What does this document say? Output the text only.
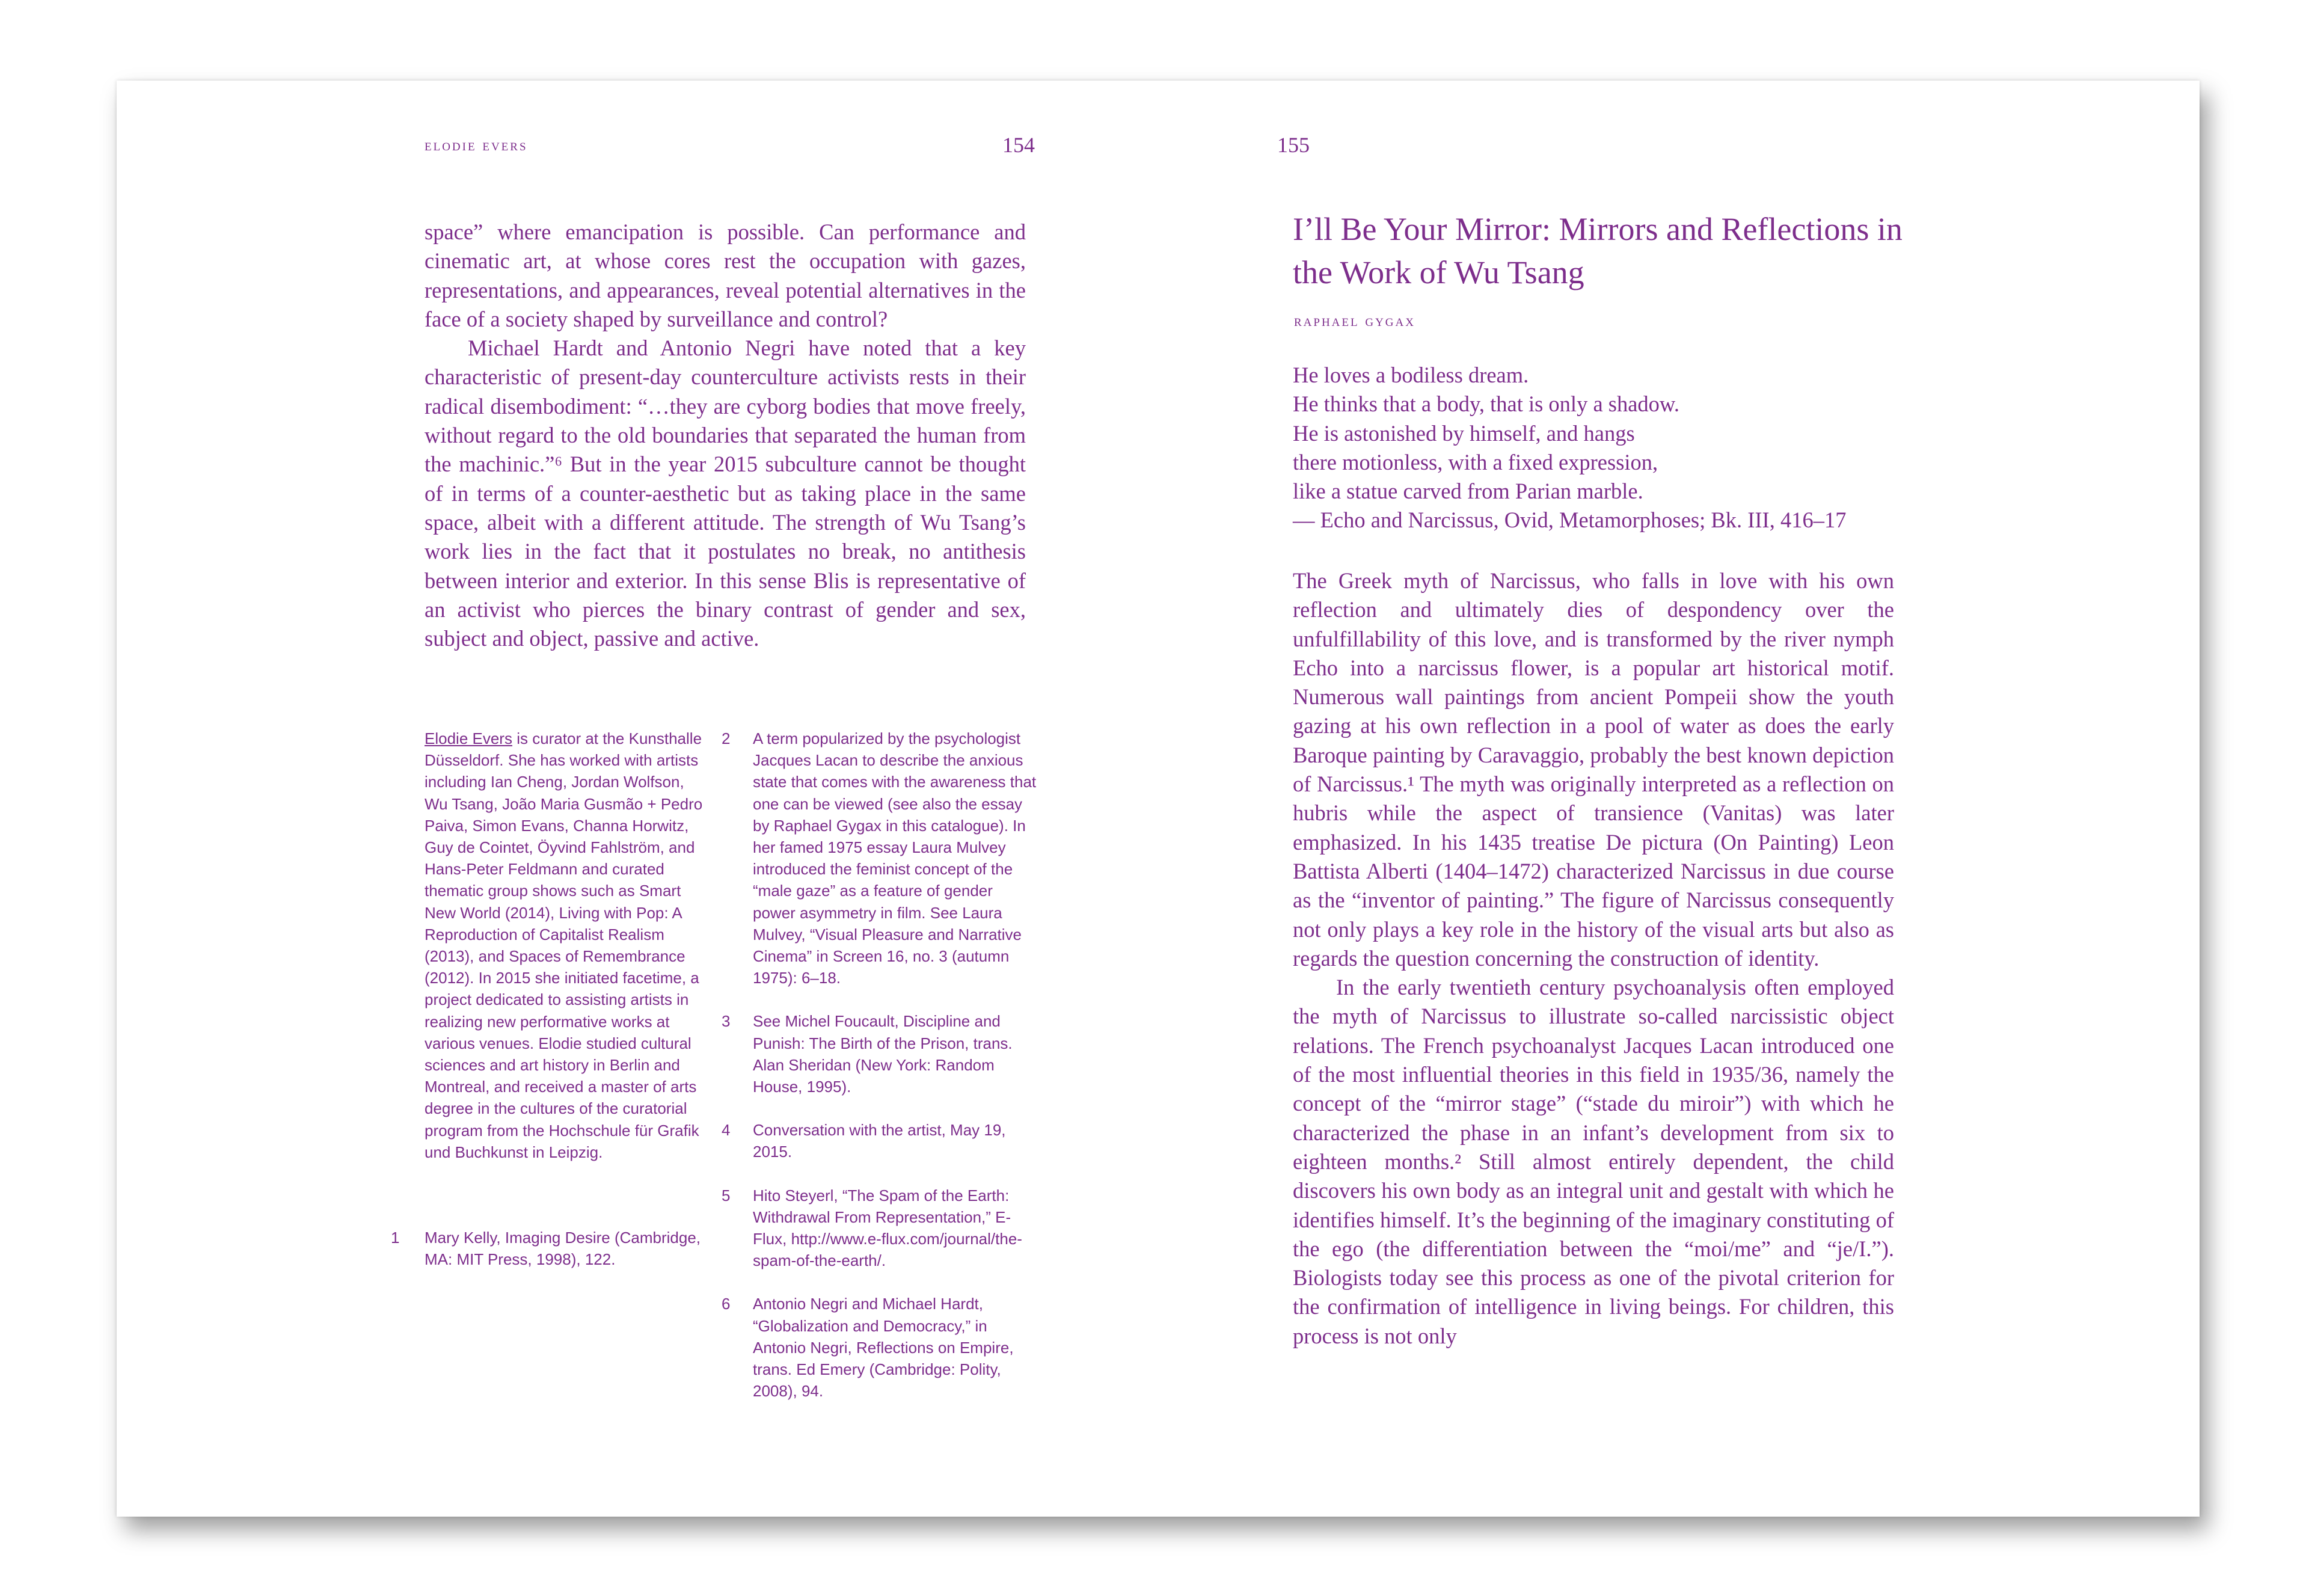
elodie evers	154

space” where emancipation is possible. Can performance and cinematic art, at whose cores rest the occupation with gazes, representations, and appearances, reveal potential alternatives in the face of a society shaped by surveillance and control?

Michael Hardt and Antonio Negri have noted that a key characteristic of present-day counterculture activists rests in their radical disembodiment: “…they are cyborg bodies that move freely, without regard to the old boundaries that separated the human from the machinic.”⁶ But in the year 2015 subculture cannot be thought of in terms of a counter-aesthetic but as taking place in the same space, albeit with a different attitude. The strength of Wu Tsang’s work lies in the fact that it postulates no break, no antithesis between interior and exterior. In this sense Blis is representative of an activist who pierces the binary contrast of gender and sex, subject and object, passive and active.

Elodie Evers is curator at the Kunsthalle Düsseldorf. She has worked with artists including Ian Cheng, Jordan Wolfson, Wu Tsang, João Maria Gusmão + Pedro Paiva, Simon Evans, Channa Horwitz, Guy de Cointet, Öyvind Fahlström, and Hans-Peter Feldmann and curated thematic group shows such as Smart New World (2014), Living with Pop: A Reproduction of Capitalist Realism (2013), and Spaces of Remembrance (2012). In 2015 she initiated facetime, a project dedicated to assisting artists in realizing new performative works at various venues. Elodie studied cultural sciences and art history in Berlin and Montreal, and received a master of arts degree in the cultures of the curatorial program from the Hochschule für Grafik und Buchkunst in Leipzig.
1 Mary Kelly, Imaging Desire (Cambridge, MA: MIT Press, 1998), 122.
2 A term popularized by the psychologist Jacques Lacan to describe the anxious state that comes with the awareness that one can be viewed (see also the essay by Raphael Gygax in this catalogue). In her famed 1975 essay Laura Mulvey introduced the feminist concept of the “male gaze” as a feature of gender power asymmetry in film. See Laura Mulvey, “Visual Pleasure and Narrative Cinema” in Screen 16, no. 3 (autumn 1975): 6–18.
3 See Michel Foucault, Discipline and Punish: The Birth of the Prison, trans. Alan Sheridan (New York: Random House, 1995).
4 Conversation with the artist, May 19, 2015.
5 Hito Steyerl, “The Spam of the Earth: Withdrawal From Representation,” E-Flux, http://www.e-flux.com/journal/the-spam-of-the-earth/.
6 Antonio Negri and Michael Hardt, “Globalization and Democracy,” in Antonio Negri, Reflections on Empire, trans. Ed Emery (Cambridge: Polity, 2008), 94.
155
I’ll Be Your Mirror: Mirrors and Reflections in the Work of Wu Tsang
raphael gygax
He loves a bodiless dream.
He thinks that a body, that is only a shadow.
He is astonished by himself, and hangs
there motionless, with a fixed expression,
like a statue carved from Parian marble.
— Echo and Narcissus, Ovid, Metamorphoses; Bk. III, 416–17

The Greek myth of Narcissus, who falls in love with his own reflection and ultimately dies of despondency over the unfulfillability of this love, and is transformed by the river nymph Echo into a narcissus flower, is a popular art historical motif. Numerous wall paintings from ancient Pompeii show the youth gazing at his own reflection in a pool of water as does the early Baroque painting by Caravaggio, probably the best known depiction of Narcissus.¹ The myth was originally interpreted as a reflection on hubris while the aspect of transience (Vanitas) was later emphasized. In his 1435 treatise De pictura (On Painting) Leon Battista Alberti (1404–1472) characterized Narcissus in due course as the “inventor of painting.” The figure of Narcissus consequently not only plays a key role in the history of the visual arts but also as regards the question concerning the construction of identity.

In the early twentieth century psychoanalysis often employed the myth of Narcissus to illustrate so-called narcissistic object relations. The French psychoanalyst Jacques Lacan introduced one of the most influential theories in this field in 1935/36, namely the concept of the “mirror stage” (“stade du miroir”) with which he characterized the phase in an infant’s development from six to eighteen months.² Still almost entirely dependent, the child discovers his own body as an integral unit and gestalt with which he identifies himself. It’s the beginning of the imaginary constituting of the ego (the differentiation between the “moi/me” and “je/I.”). Biologists today see this process as one of the pivotal criterion for the confirmation of intelligence in living beings. For children, this process is not only
